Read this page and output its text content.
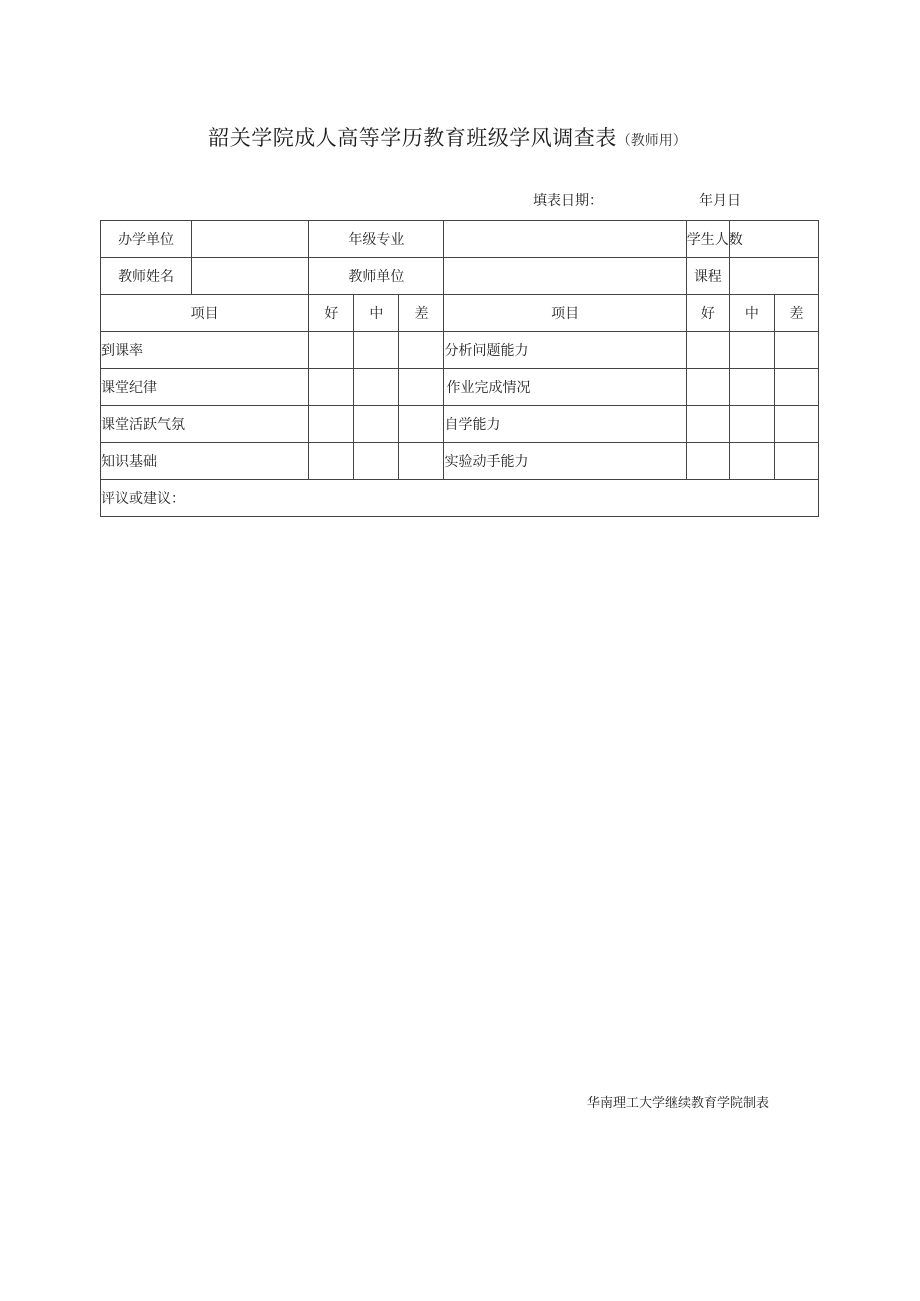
韶关学院成人高等学历教育班级学风调查表（教师用）
填表日期：	年月日
办学单位		年级专业				学生人数		
教师姓名		教师单位				课程		
项目		好	中	差	项目	好	中	差
到课率					分析问题能力			
课堂纪律					作业完成情况			
课堂活跃气氛					自学能力			
知识基础					实验动手能力			
评议或建议：								
华南理工大学继续教育学院制表
